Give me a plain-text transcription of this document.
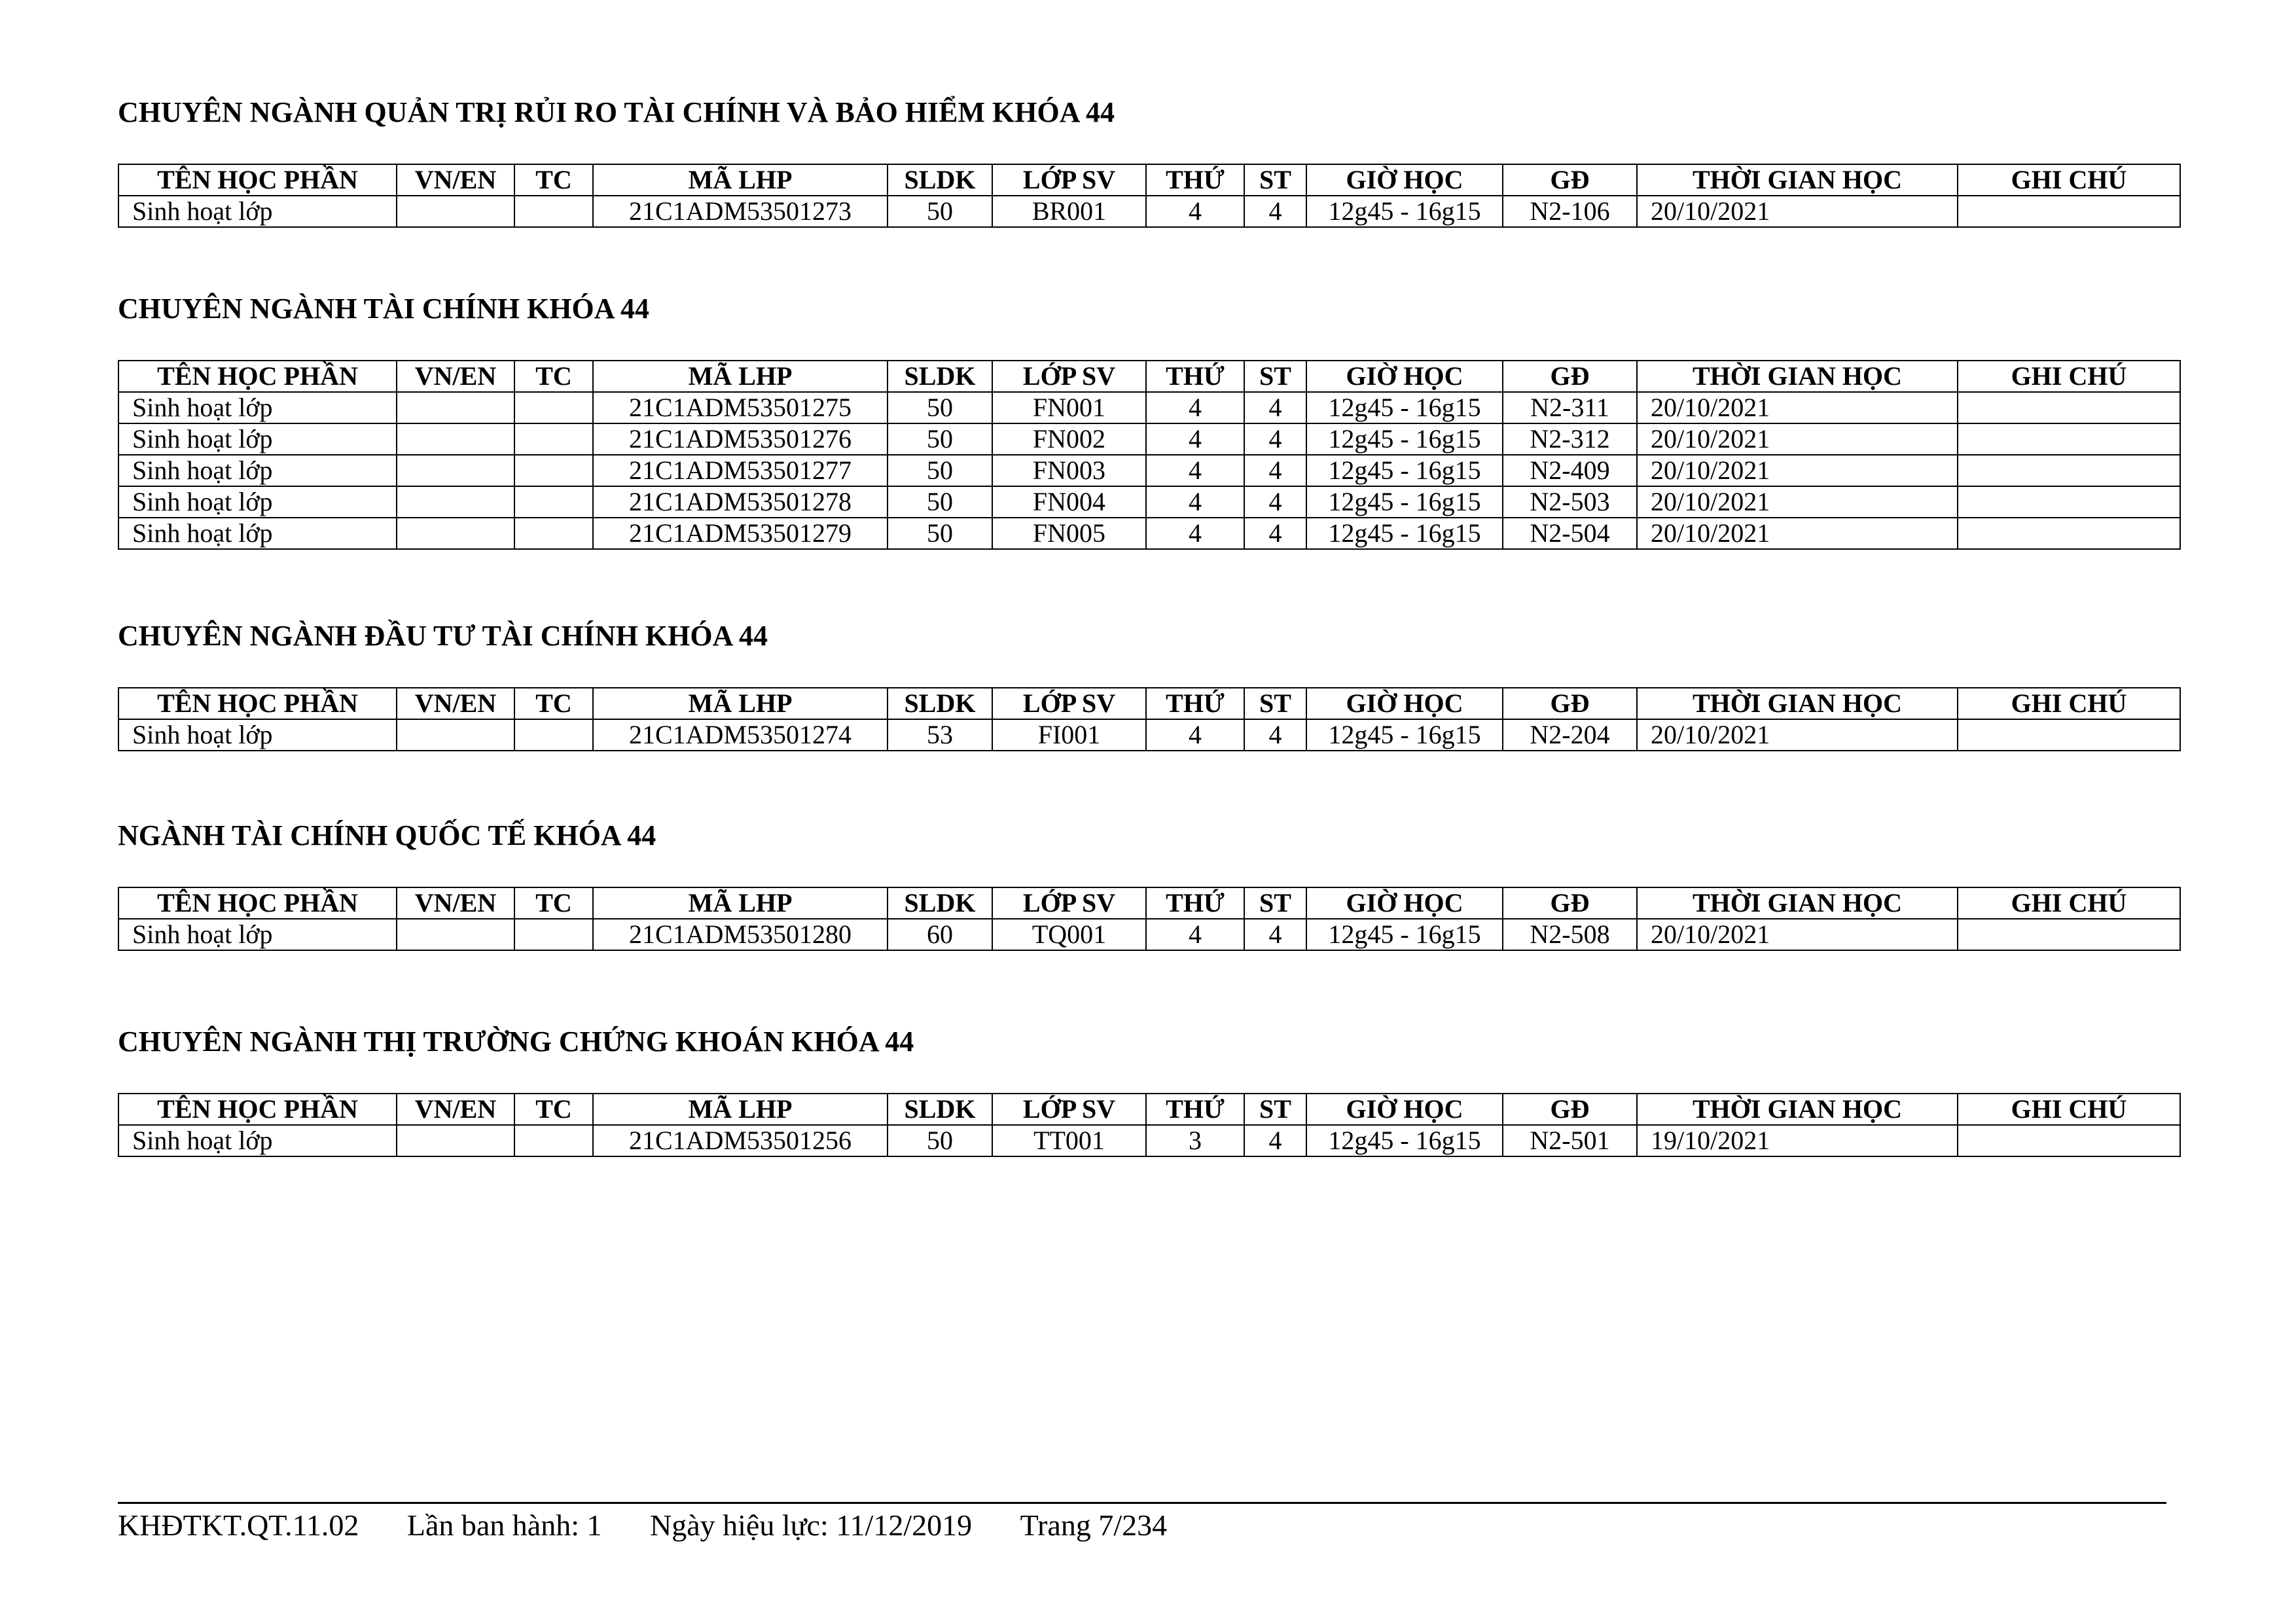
CHUYÊN NGÀNH QUẢN TRỊ RỦI RO TÀI CHÍNH VÀ BẢO HIỂM KHÓA 44
TÊN HỌC PHẦN	VN/EN	TC	MÃ LHP	SLDK	LỚP SV	THỨ	ST	GIỜ HỌC	GĐ	THỜI GIAN HỌC	GHI CHÚ
Sinh hoạt lớp			21C1ADM53501273	50	BR001	4	4	12g45 - 16g15	N2-106	20/10/2021	
CHUYÊN NGÀNH TÀI CHÍNH KHÓA 44
TÊN HỌC PHẦN	VN/EN	TC	MÃ LHP	SLDK	LỚP SV	THỨ	ST	GIỜ HỌC	GĐ	THỜI GIAN HỌC	GHI CHÚ
Sinh hoạt lớp			21C1ADM53501275	50	FN001	4	4	12g45 - 16g15	N2-311	20/10/2021	
Sinh hoạt lớp			21C1ADM53501276	50	FN002	4	4	12g45 - 16g15	N2-312	20/10/2021	
Sinh hoạt lớp			21C1ADM53501277	50	FN003	4	4	12g45 - 16g15	N2-409	20/10/2021	
Sinh hoạt lớp			21C1ADM53501278	50	FN004	4	4	12g45 - 16g15	N2-503	20/10/2021	
Sinh hoạt lớp			21C1ADM53501279	50	FN005	4	4	12g45 - 16g15	N2-504	20/10/2021	
CHUYÊN NGÀNH ĐẦU TƯ TÀI CHÍNH KHÓA 44
TÊN HỌC PHẦN	VN/EN	TC	MÃ LHP	SLDK	LỚP SV	THỨ	ST	GIỜ HỌC	GĐ	THỜI GIAN HỌC	GHI CHÚ
Sinh hoạt lớp			21C1ADM53501274	53	FI001	4	4	12g45 - 16g15	N2-204	20/10/2021	
NGÀNH TÀI CHÍNH QUỐC TẾ KHÓA 44
TÊN HỌC PHẦN	VN/EN	TC	MÃ LHP	SLDK	LỚP SV	THỨ	ST	GIỜ HỌC	GĐ	THỜI GIAN HỌC	GHI CHÚ
Sinh hoạt lớp			21C1ADM53501280	60	TQ001	4	4	12g45 - 16g15	N2-508	20/10/2021	
CHUYÊN NGÀNH THỊ TRƯỜNG CHỨNG KHOÁN KHÓA 44
TÊN HỌC PHẦN	VN/EN	TC	MÃ LHP	SLDK	LỚP SV	THỨ	ST	GIỜ HỌC	GĐ	THỜI GIAN HỌC	GHI CHÚ
Sinh hoạt lớp			21C1ADM53501256	50	TT001	3	4	12g45 - 16g15	N2-501	19/10/2021	
KHĐTKT.QT.11.02 Lần ban hành: 1 Ngày hiệu lực: 11/12/2019 Trang 7/234
